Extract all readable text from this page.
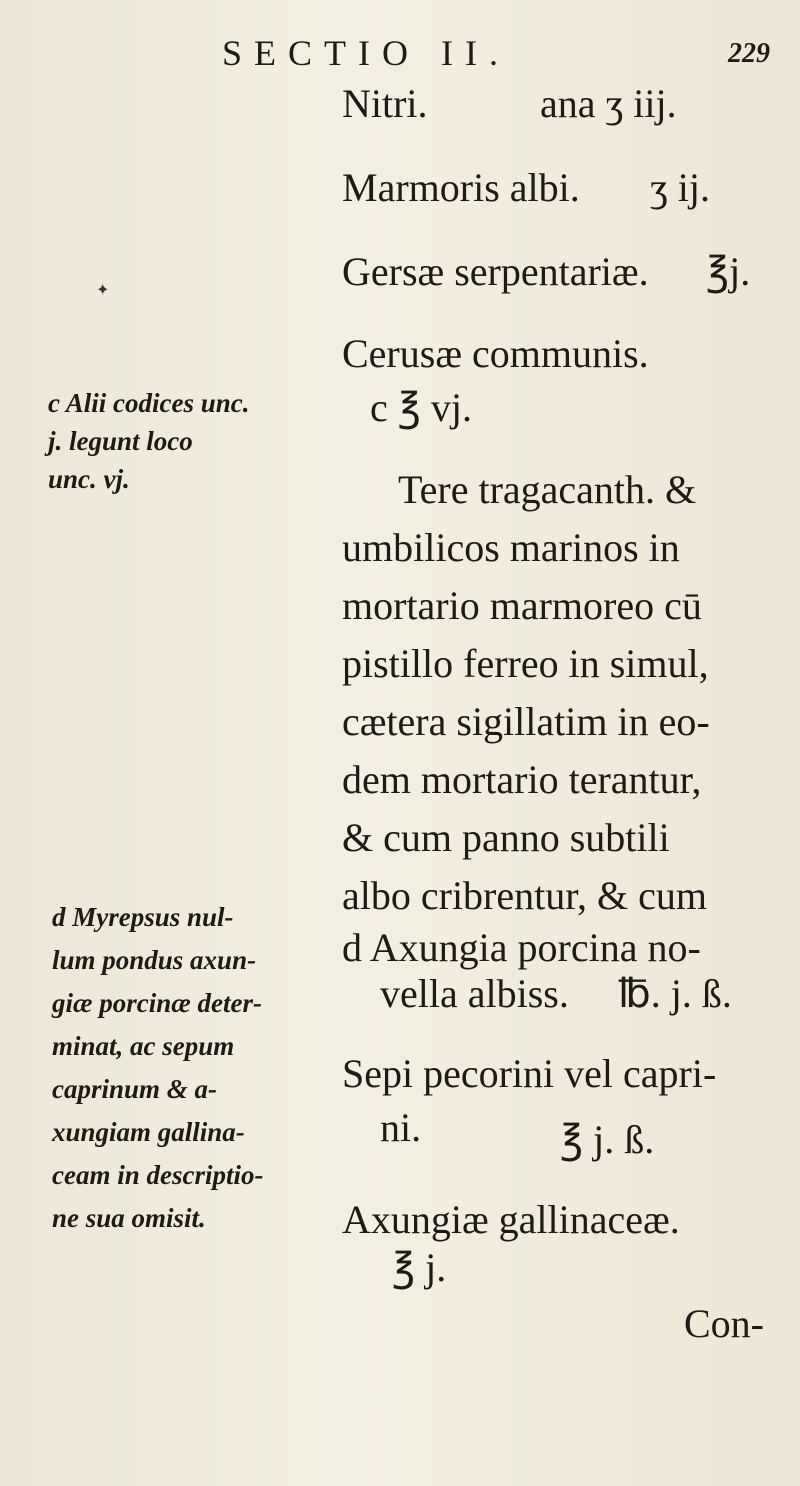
SECTIO II.	229
Nitri.	ana ʒ iij.
Marmoris albi. ʒ ij.
Gersæ serpentariæ. ℥j.
Cerusæ communis.
c ℥ vj.
Tere tragacanth. &
umbilicos marinos in
mortario marmoreo cū
pistillo ferreo in simul,
cætera sigillatim in eo-
dem mortario terantur,
& cum panno subtili
albo cribrentur, & cum
d Axungia porcina no-
vella albiss. ℔. j. ß.
Sepi pecorini vel capri-
ni.	℥ j. ß.
Axungiæ gallinaceæ.
℥ j.
Con-
c Alii codices unc.
j. legunt loco
unc. vj.
d Myrepsus nul-
lum pondus axun-
giæ porcinæ deter-
minat, ac sepum
caprinum & a-
xungiam gallina-
ceam in descriptio-
ne sua omisit.
✦
